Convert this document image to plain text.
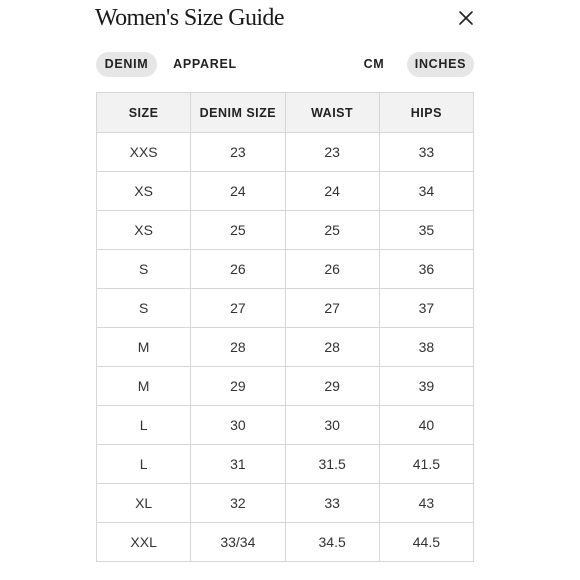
Women's Size Guide
DENIM	APPAREL	CM	INCHES
SIZE	DENIM SIZE	WAIST	HIPS
XXS	23	23	33
XS	24	24	34
XS	25	25	35
S	26	26	36
S	27	27	37
M	28	28	38
M	29	29	39
L	30	30	40
L	31	31.5	41.5
XL	32	33	43
XXL	33/34	34.5	44.5
